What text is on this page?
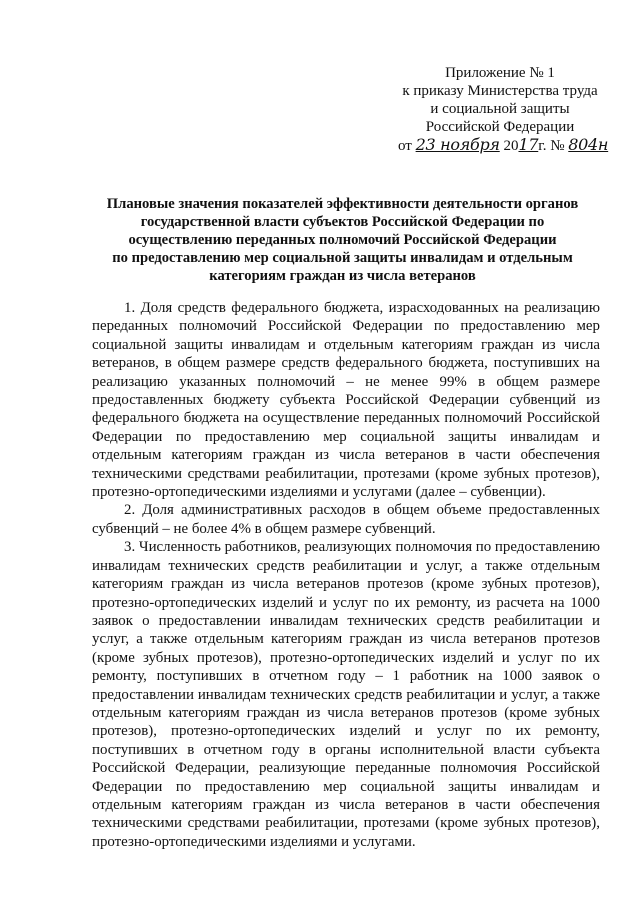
Приложение № 1
к приказу Министерства труда
и социальной защиты
Российской Федерации
от 23 ноября 2017г. № 804н
Плановые значения показателей эффективности деятельности органов
государственной власти субъектов Российской Федерации по
осуществлению переданных полномочий Российской Федерации
по предоставлению мер социальной защиты инвалидам и отдельным
категориям граждан из числа ветеранов

1. Доля средств федерального бюджета, израсходованных на реализацию переданных полномочий Российской Федерации по предоставлению мер социальной защиты инвалидам и отдельным категориям граждан из числа ветеранов, в общем размере средств федерального бюджета, поступивших на реализацию указанных полномочий – не менее 99% в общем размере предоставленных бюджету субъекта Российской Федерации субвенций из федерального бюджета на осуществление переданных полномочий Российской Федерации по предоставлению мер социальной защиты инвалидам и отдельным категориям граждан из числа ветеранов в части обеспечения техническими средствами реабилитации, протезами (кроме зубных протезов), протезно-ортопедическими изделиями и услугами (далее – субвенции).

2. Доля административных расходов в общем объеме предоставленных субвенций – не более 4% в общем размере субвенций.

3. Численность работников, реализующих полномочия по предоставлению инвалидам технических средств реабилитации и услуг, а также отдельным категориям граждан из числа ветеранов протезов (кроме зубных протезов), протезно-ортопедических изделий и услуг по их ремонту, из расчета на 1000 заявок о предоставлении инвалидам технических средств реабилитации и услуг, а также отдельным категориям граждан из числа ветеранов протезов (кроме зубных протезов), протезно-ортопедических изделий и услуг по их ремонту, поступивших в отчетном году – 1 работник на 1000 заявок о предоставлении инвалидам технических средств реабилитации и услуг, а также отдельным категориям граждан из числа ветеранов протезов (кроме зубных протезов), протезно-ортопедических изделий и услуг по их ремонту, поступивших в отчетном году в органы исполнительной власти субъекта Российской Федерации, реализующие переданные полномочия Российской Федерации по предоставлению мер социальной защиты инвалидам и отдельным категориям граждан из числа ветеранов в части обеспечения техническими средствами реабилитации, протезами (кроме зубных протезов), протезно-ортопедическими изделиями и услугами.
